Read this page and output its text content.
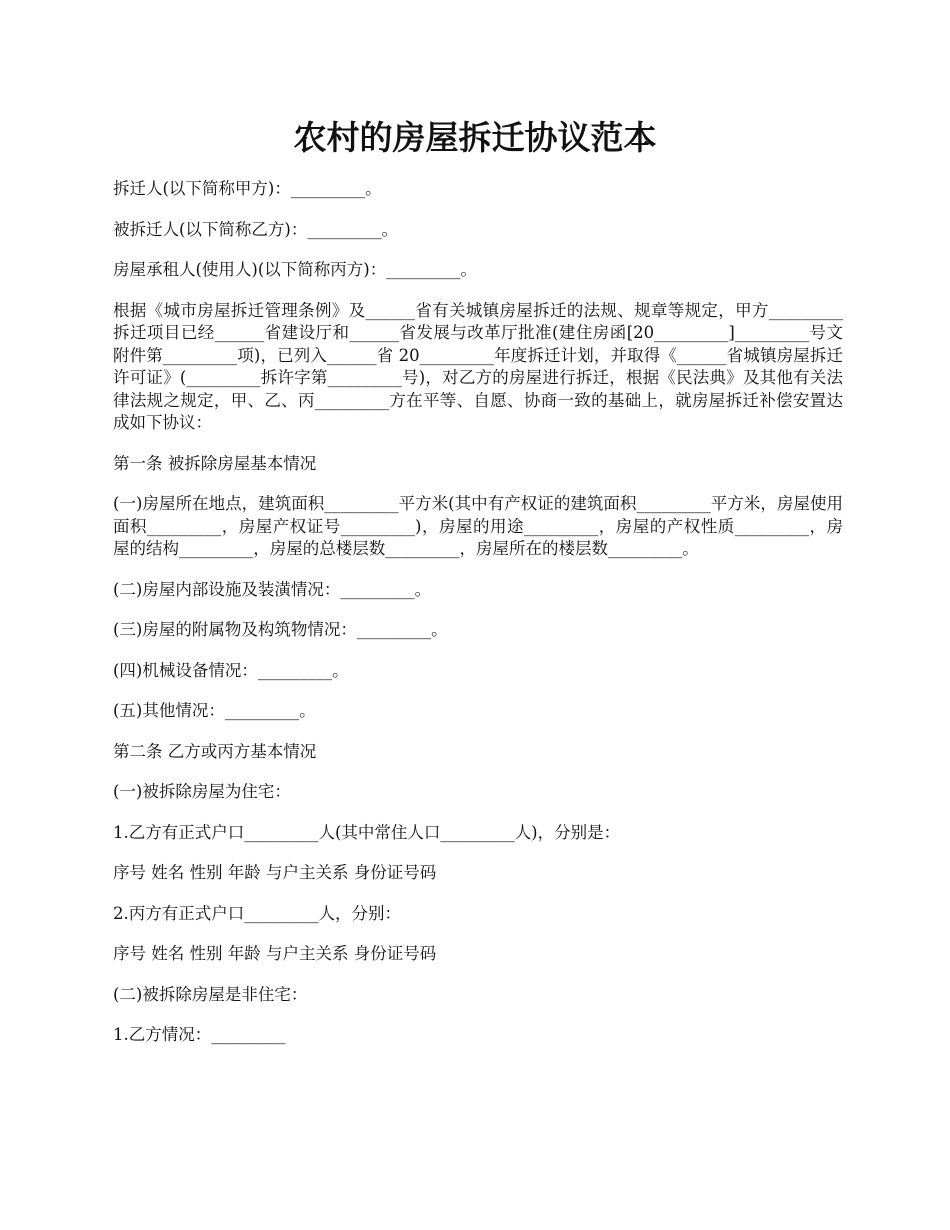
农村的房屋拆迁协议范本

拆迁人(以下简称甲方)：_________。

被拆迁人(以下简称乙方)：_________。

房屋承租人(使用人)(以下简称丙方)：_________。

根据《城市房屋拆迁管理条例》及______省有关城镇房屋拆迁的法规、规章等规定，甲方_________拆迁项目已经______省建设厅和______省发展与改革厅批准(建住房函[20_________]_________号文附件第_________项)，已列入______省 20_________年度拆迁计划，并取得《______省城镇房屋拆迁许可证》(_________拆许字第_________号)，对乙方的房屋进行拆迁，根据《民法典》及其他有关法律法规之规定，甲、乙、丙_________方在平等、自愿、协商一致的基础上，就房屋拆迁补偿安置达成如下协议：

第一条 被拆除房屋基本情况

(一)房屋所在地点，建筑面积_________平方米(其中有产权证的建筑面积_________平方米，房屋使用面积_________，房屋产权证号_________)，房屋的用途_________，房屋的产权性质_________，房屋的结构_________，房屋的总楼层数_________，房屋所在的楼层数_________。

(二)房屋内部设施及装潢情况：_________。

(三)房屋的附属物及构筑物情况：_________。

(四)机械设备情况：_________。

(五)其他情况：_________。

第二条 乙方或丙方基本情况

(一)被拆除房屋为住宅：

1.乙方有正式户口_________人(其中常住人口_________人)，分别是：

序号 姓名 性别 年龄 与户主关系 身份证号码

2.丙方有正式户口_________人，分别：

序号 姓名 性别 年龄 与户主关系 身份证号码

(二)被拆除房屋是非住宅：

1.乙方情况：_________
